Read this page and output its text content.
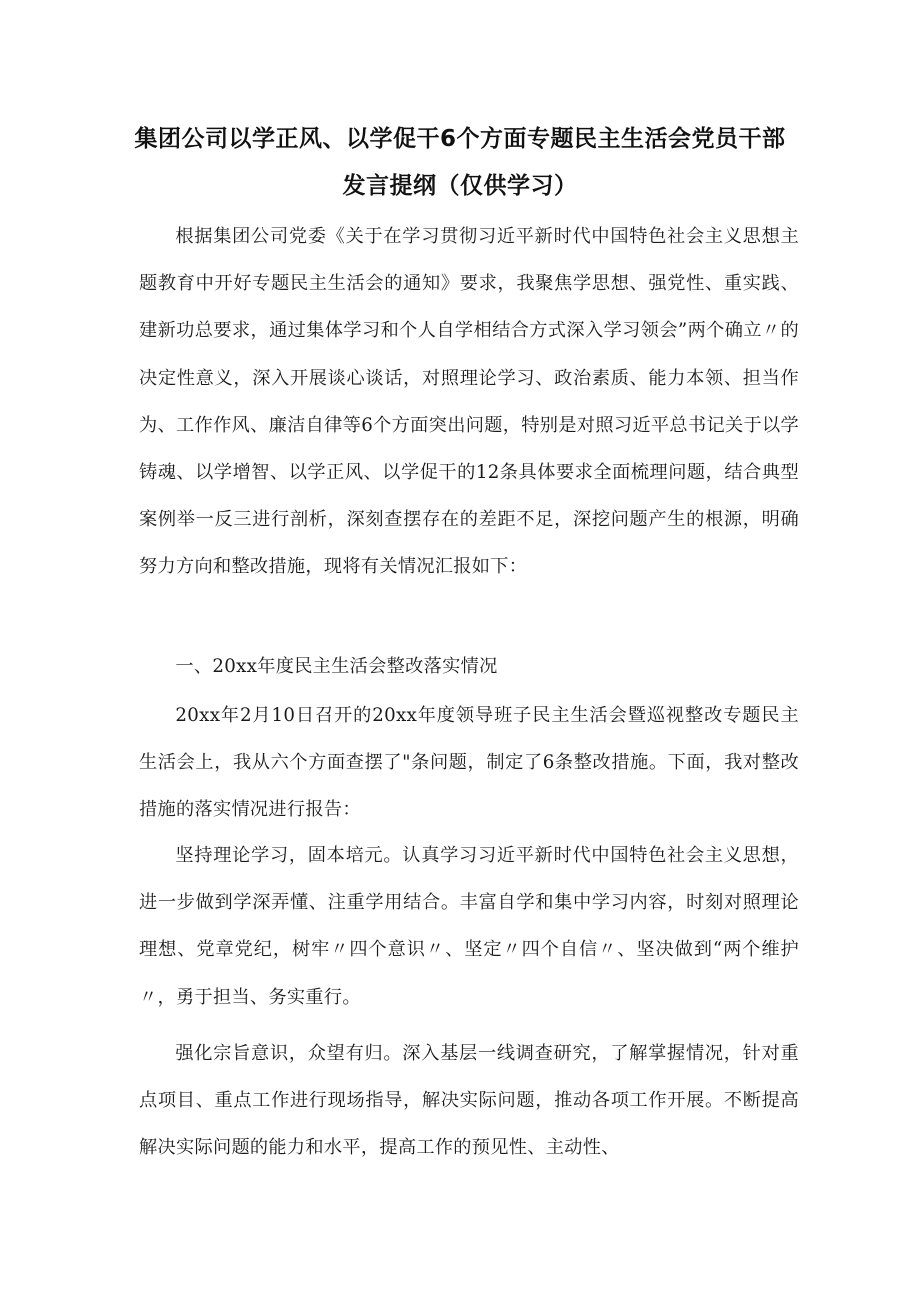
集团公司以学正风、以学促干6个方面专题民主生活会党员干部
发言提纲（仅供学习）

根据集团公司党委《关于在学习贯彻习近平新时代中国特色社会主义思想主题教育中开好专题民主生活会的通知》要求，我聚焦学思想、强党性、重实践、建新功总要求，通过集体学习和个人自学相结合方式深入学习领会”两个确立〃的决定性意义，深入开展谈心谈话，对照理论学习、政治素质、能力本领、担当作为、工作作风、廉洁自律等6个方面突出问题，特别是对照习近平总书记关于以学铸魂、以学增智、以学正风、以学促干的12条具体要求全面梳理问题，结合典型案例举一反三进行剖析，深刻查摆存在的差距不足，深挖问题产生的根源，明确努力方向和整改措施，现将有关情况汇报如下：

一、20xx年度民主生活会整改落实情况

20xx年2月10日召开的20xx年度领导班子民主生活会暨巡视整改专题民主生活会上，我从六个方面查摆了"条问题，制定了6条整改措施。下面，我对整改措施的落实情况进行报告：

坚持理论学习，固本培元。认真学习习近平新时代中国特色社会主义思想，进一步做到学深弄懂、注重学用结合。丰富自学和集中学习内容，时刻对照理论理想、党章党纪，树牢〃四个意识〃、坚定〃四个自信〃、坚决做到“两个维护〃，勇于担当、务实重行。

强化宗旨意识，众望有归。深入基层一线调查研究，了解掌握情况，针对重点项目、重点工作进行现场指导，解决实际问题，推动各项工作开展。不断提高解决实际问题的能力和水平，提高工作的预见性、主动性、
